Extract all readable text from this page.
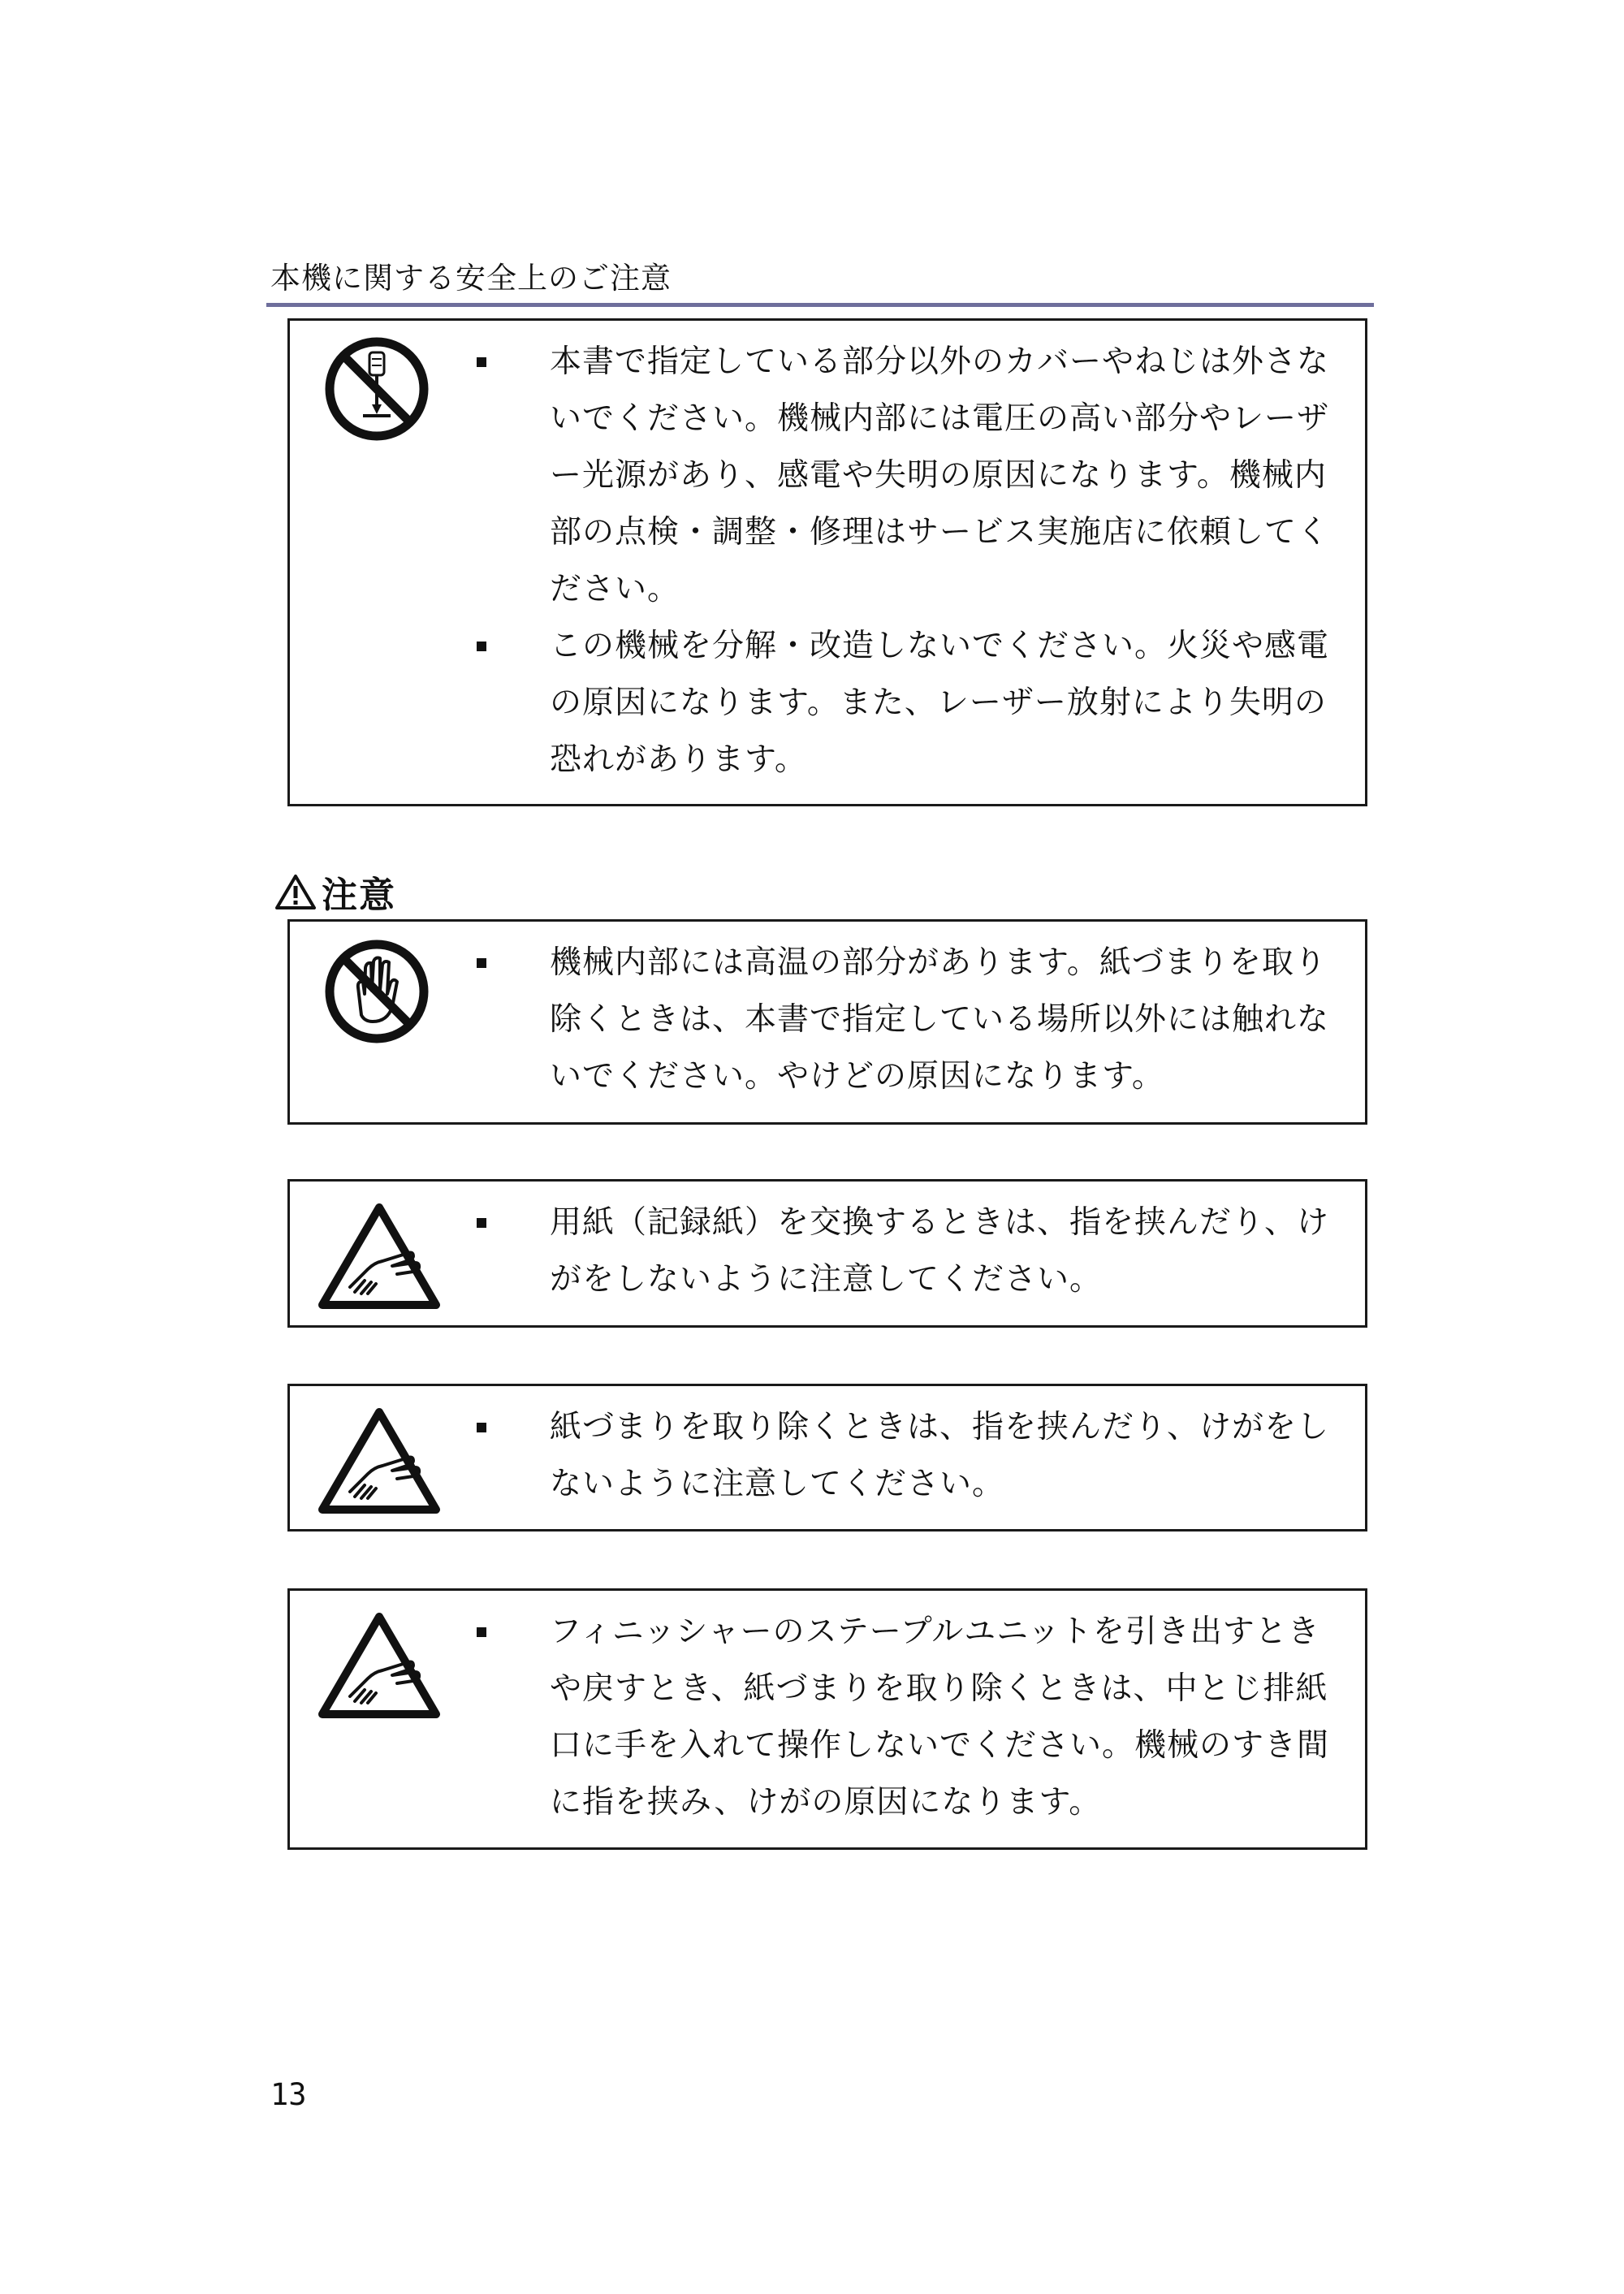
本機に関する安全上のご注意
本書で指定している部分以外のカバーやねじは外さないでください。機械内部には電圧の高い部分やレーザー光源があり、感電や失明の原因になります。機械内部の点検・調整・修理はサービス実施店に依頼してください。
この機械を分解・改造しないでください。火災や感電の原因になります。また、レーザー放射により失明の恐れがあります。
注意
機械内部には高温の部分があります。紙づまりを取り除くときは、本書で指定している場所以外には触れないでください。やけどの原因になります。
用紙（記録紙）を交換するときは、指を挟んだり、けがをしないように注意してください。
紙づまりを取り除くときは、指を挟んだり、けがをしないように注意してください。
フィニッシャーのステープルユニットを引き出すときや戻すとき、紙づまりを取り除くときは、中とじ排紙口に手を入れて操作しないでください。機械のすき間に指を挟み、けがの原因になります。
13
